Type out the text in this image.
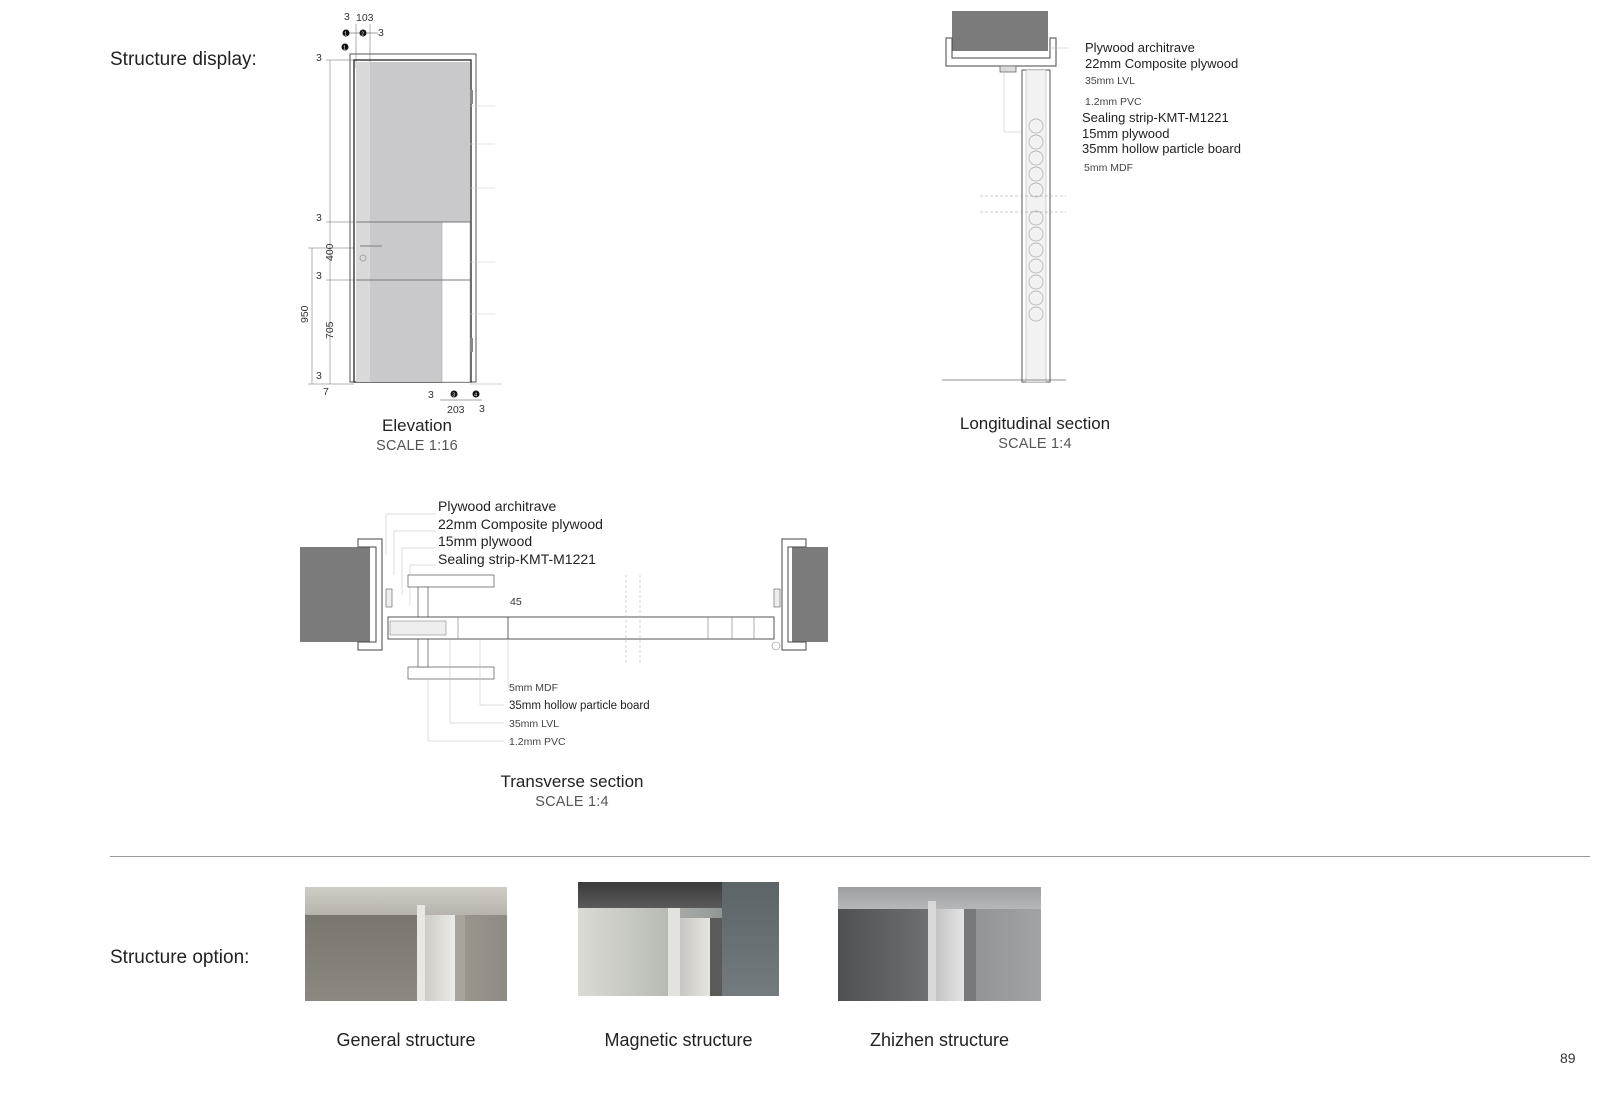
Structure display:
3 103
3
1	2
1
3
3
400
3
950
705
3
7	3	3	4
203 3
Elevation
SCALE 1:16
Plywood architrave
22mm Composite plywood
35mm LVL
1.2mm PVC
Sealing strip-KMT-M1221
15mm plywood
35mm hollow particle board
5mm MDF
Longitudinal section
SCALE 1:4
Plywood architrave
22mm Composite plywood
15mm plywood
Sealing strip-KMT-M1221
45
5mm MDF
35mm hollow particle board
35mm LVL
1.2mm PVC
Transverse section
SCALE 1:4
Structure option:
General structure	Magnetic structure	Zhizhen structure
89
